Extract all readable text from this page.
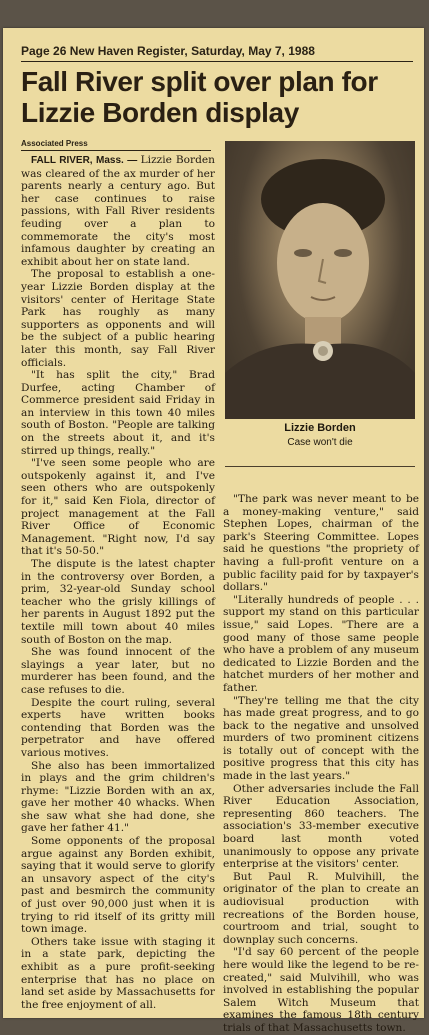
Page 26 New Haven Register, Saturday, May 7, 1988
Fall River split over plan for Lizzie Borden display
Associated Press

FALL RIVER, Mass. — Lizzie Borden was cleared of the ax murder of her parents nearly a century ago. But her case continues to raise passions, with Fall River residents feuding over a plan to commemorate the city's most infamous daughter by creating an exhibit about her on state land.

The proposal to establish a one-year Lizzie Borden display at the visitors' center of Heritage State Park has roughly as many supporters as opponents and will be the subject of a public hearing later this month, say Fall River officials.

"It has split the city," Brad Durfee, acting Chamber of Commerce president said Friday in an interview in this town 40 miles south of Boston. "People are talking on the streets about it, and it's stirred up things, really."

"I've seen some people who are outspokenly against it, and I've seen others who are outspokenly for it," said Ken Fiola, director of project management at the Fall River Office of Economic Management. "Right now, I'd say that it's 50-50."

The dispute is the latest chapter in the controversy over Borden, a prim, 32-year-old Sunday school teacher who the grisly killings of her parents in August 1892 put the textile mill town about 40 miles south of Boston on the map.

She was found innocent of the slayings a year later, but no murderer has been found, and the case refuses to die.

Despite the court ruling, several experts have written books contending that Borden was the perpetrator and have offered various motives.

She also has been immortalized in plays and the grim children's rhyme: "Lizzie Borden with an ax, gave her mother 40 whacks. When she saw what she had done, she gave her father 41."

Some opponents of the proposal argue against any Borden exhibit, saying that it would serve to glorify an unsavory aspect of the city's past and besmirch the community of just over 90,000 just when it is trying to rid itself of its gritty mill town image.

Others take issue with staging it in a state park, depicting the exhibit as a pure profit-seeking enterprise that has no place on land set aside by Massachusetts for the free enjoyment of all.

Lizzie Borden
Case won't die

"The park was never meant to be a money-making venture," said Stephen Lopes, chairman of the park's Steering Committee. Lopes said he questions "the propriety of having a full-profit venture on a public facility paid for by taxpayer's dollars."

"Literally hundreds of people . . . support my stand on this particular issue," said Lopes. "There are a good many of those same people who have a problem of any museum dedicated to Lizzie Borden and the hatchet murders of her mother and father.

"They're telling me that the city has made great progress, and to go back to the negative and unsolved murders of two prominent citizens is totally out of concept with the positive progress that this city has made in the last years."

Other adversaries include the Fall River Education Association, representing 860 teachers. The association's 33-member executive board last month voted unanimously to oppose any private enterprise at the visitors' center.

But Paul R. Mulvihill, the originator of the plan to create an audiovisual production with recreations of the Borden house, courtroom and trial, sought to downplay such concerns.

"I'd say 60 percent of the people here would like the legend to be re-created," said Mulvihill, who was involved in establishing the popular Salem Witch Museum that examines the famous 18th century trials of that Massachusetts town.
